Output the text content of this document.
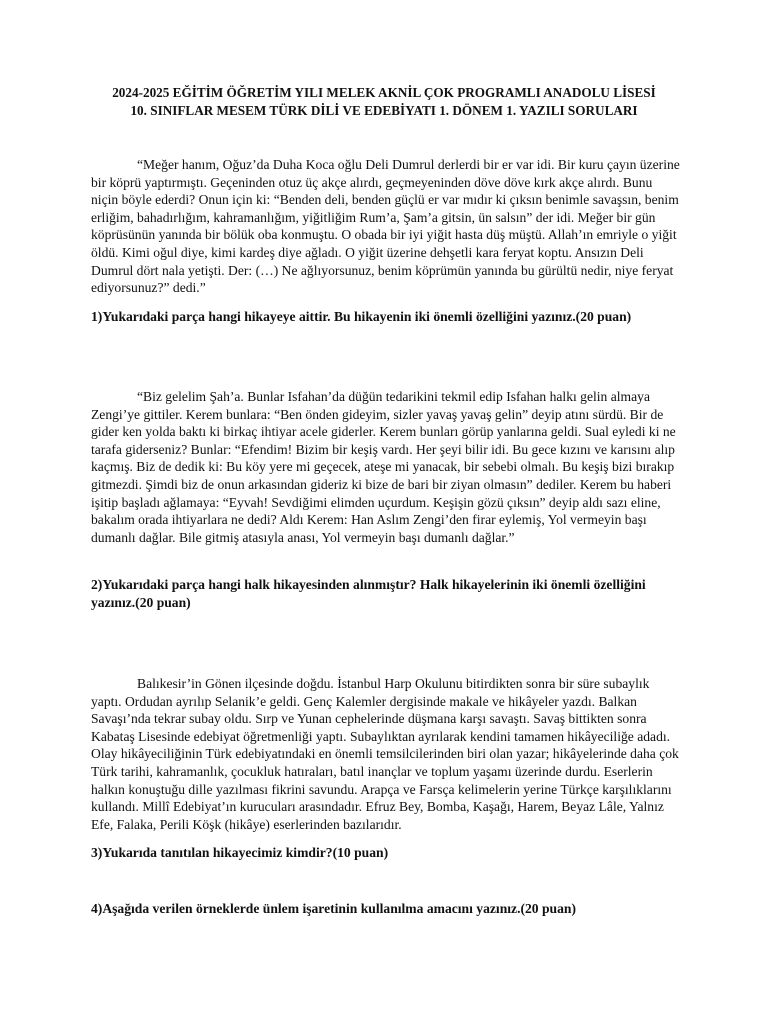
2024-2025 EĞİTİM ÖĞRETİM YILI MELEK AKNİL ÇOK PROGRAMLI ANADOLU LİSESİ
10. SINIFLAR MESEM TÜRK DİLİ VE EDEBİYATI 1. DÖNEM 1. YAZILI SORULARI

“Meğer hanım, Oğuz’da Duha Koca oğlu Deli Dumrul derlerdi bir er var idi. Bir kuru çayın üzerine bir köprü yaptırmıştı. Geçeninden otuz üç akçe alırdı, geçmeyeninden döve döve kırk akçe alırdı. Bunu niçin böyle ederdi? Onun için ki: “Benden deli, benden güçlü er var mıdır ki çıksın benimle savaşsın, benim erliğim, bahadırlığım, kahramanlığım, yiğitliğim Rum’a, Şam’a gitsin, ün salsın” der idi. Meğer bir gün köprüsünün yanında bir bölük oba konmuştu. O obada bir iyi yiğit hasta düş müştü. Allah’ın emriyle o yiğit öldü. Kimi oğul diye, kimi kardeş diye ağladı. O yiğit üzerine dehşetli kara feryat koptu. Ansızın Deli Dumrul dört nala yetişti. Der: (…) Ne ağlıyorsunuz, benim köprümün yanında bu gürültü nedir, niye feryat ediyorsunuz?” dedi.”

1)Yukarıdaki parça hangi hikayeye aittir. Bu hikayenin iki önemli özelliğini yazınız.(20 puan)

“Biz gelelim Şah’a. Bunlar Isfahan’da düğün tedarikini tekmil edip Isfahan halkı gelin almaya Zengi’ye gittiler. Kerem bunlara: “Ben önden gideyim, sizler yavaş yavaş gelin” deyip atını sürdü. Bir de gider ken yolda baktı ki birkaç ihtiyar acele giderler. Kerem bunları görüp yanlarına geldi. Sual eyledi ki ne tarafa giderseniz? Bunlar: “Efendim! Bizim bir keşiş vardı. Her şeyi bilir idi. Bu gece kızını ve karısını alıp kaçmış. Biz de dedik ki: Bu köy yere mi geçecek, ateşe mi yanacak, bir sebebi olmalı. Bu keşiş bizi bırakıp gitmezdi. Şimdi biz de onun arkasından gideriz ki bize de bari bir ziyan olmasın” dediler. Kerem bu haberi işitip başladı ağlamaya: “Eyvah! Sevdiğimi elimden uçurdum. Keşişin gözü çıksın” deyip aldı sazı eline, bakalım orada ihtiyarlara ne dedi? Aldı Kerem: Han Aslım Zengi’den firar eylemiş, Yol vermeyin başı dumanlı dağlar. Bile gitmiş atasıyla anası, Yol vermeyin başı dumanlı dağlar.”

2)Yukarıdaki parça hangi halk hikayesinden alınmıştır? Halk hikayelerinin iki önemli özelliğini yazınız.(20 puan)

Balıkesir’in Gönen ilçesinde doğdu. İstanbul Harp Okulunu bitirdikten sonra bir süre subaylık yaptı. Ordudan ayrılıp Selanik’e geldi. Genç Kalemler dergisinde makale ve hikâyeler yazdı. Balkan Savaşı’nda tekrar subay oldu. Sırp ve Yunan cephelerinde düşmana karşı savaştı. Savaş bittikten sonra Kabataş Lisesinde edebiyat öğretmenliği yaptı. Subaylıktan ayrılarak kendini tamamen hikâyeciliğe adadı. Olay hikâyeciliğinin Türk edebiyatındaki en önemli temsilcilerinden biri olan yazar; hikâyelerinde daha çok Türk tarihi, kahramanlık, çocukluk hatıraları, batıl inançlar ve toplum yaşamı üzerinde durdu. Eserlerin halkın konuştuğu dille yazılması fikrini savundu. Arapça ve Farsça kelimelerin yerine Türkçe karşılıklarını kullandı. Millî Edebiyat’ın kurucuları arasındadır. Efruz Bey, Bomba, Kaşağı, Harem, Beyaz Lâle, Yalnız Efe, Falaka, Perili Köşk (hikâye) eserlerinden bazılarıdır.

3)Yukarıda tanıtılan hikayecimiz kimdir?(10 puan)

4)Aşağıda verilen örneklerde ünlem işaretinin kullanılma amacını yazınız.(20 puan)
